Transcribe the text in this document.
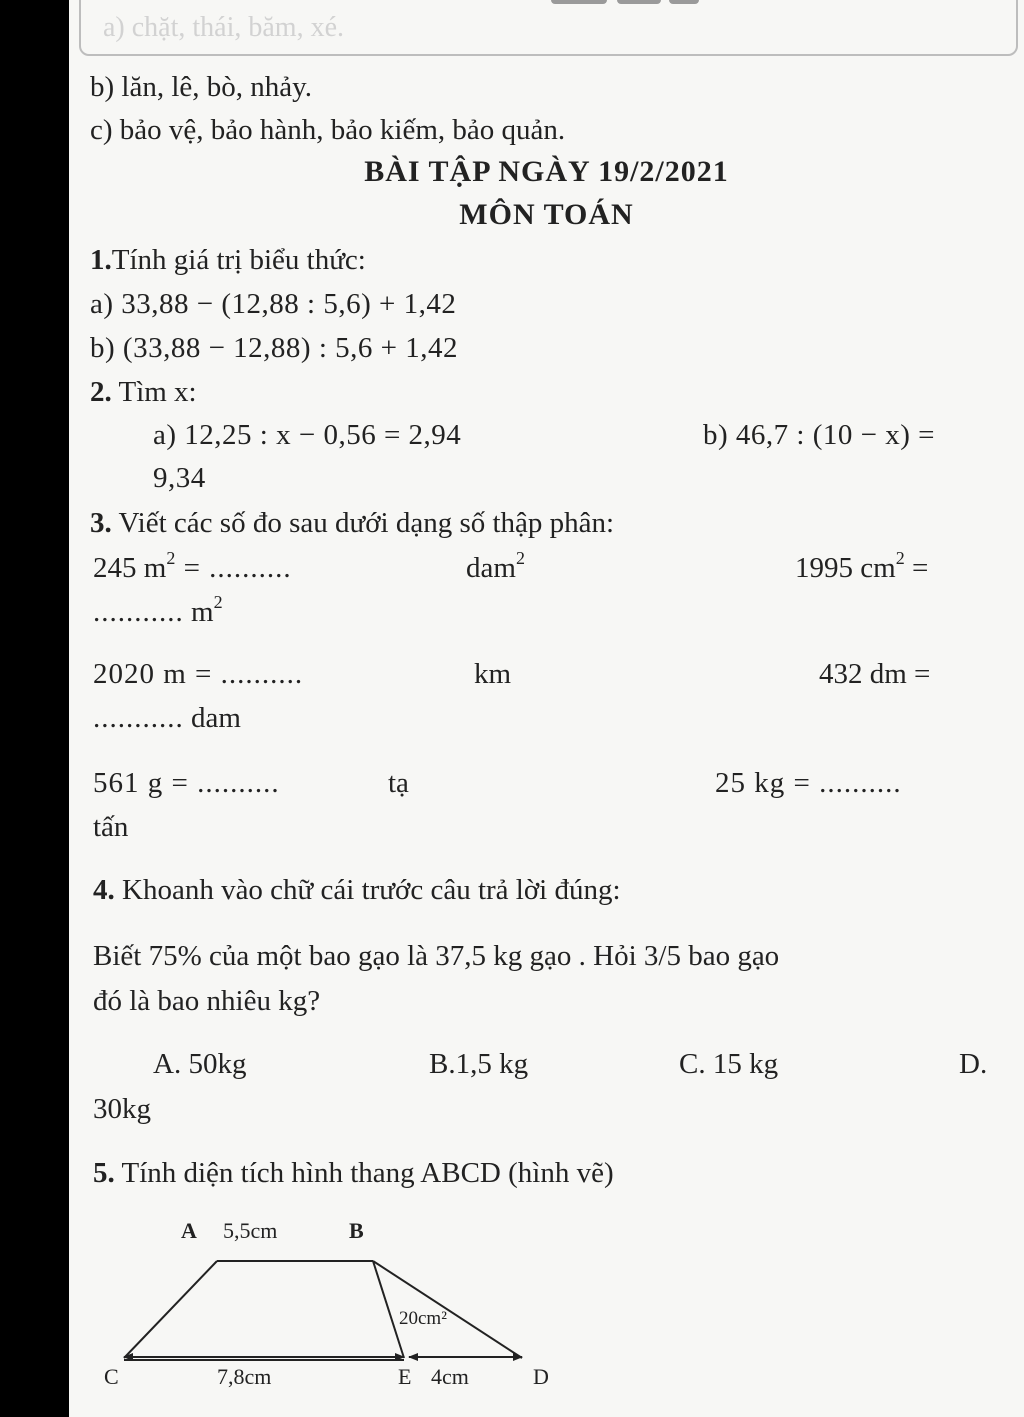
a) chặt, thái, băm, xé.
b) lăn, lê, bò, nhảy.
c) bảo vệ, bảo hành, bảo kiếm, bảo quản.
BÀI TẬP NGÀY 19/2/2021
MÔN TOÁN
1.Tính giá trị biểu thức:
a) 33,88 − (12,88 : 5,6) + 1,42
b) (33,88 − 12,88) : 5,6 + 1,42
2. Tìm x:
a) 12,25 : x − 0,56 = 2,94	b) 46,7 : (10 − x) =
9,34
3. Viết các số đo sau dưới dạng số thập phân:
245 $m^2$ = ..........	dam$^2$	1995 $cm^2$ =
........... $m^2$
2020 m = ..........	km	432 dm =
........... dam
561 g = ..........	tạ	25 kg = ..........
tấn
4. Khoanh vào chữ cái trước câu trả lời đúng:
Biết 75% của một bao gạo là 37,5 kg gạo . Hỏi 3/5 bao gạo
đó là bao nhiêu kg?
A. 50kg	B.1,5 kg	C. 15 kg	D.
30kg
5. Tính diện tích hình thang ABCD (hình vẽ)
A 5,5cm	B
20cm²
C	7,8cm	E 4cm	D
